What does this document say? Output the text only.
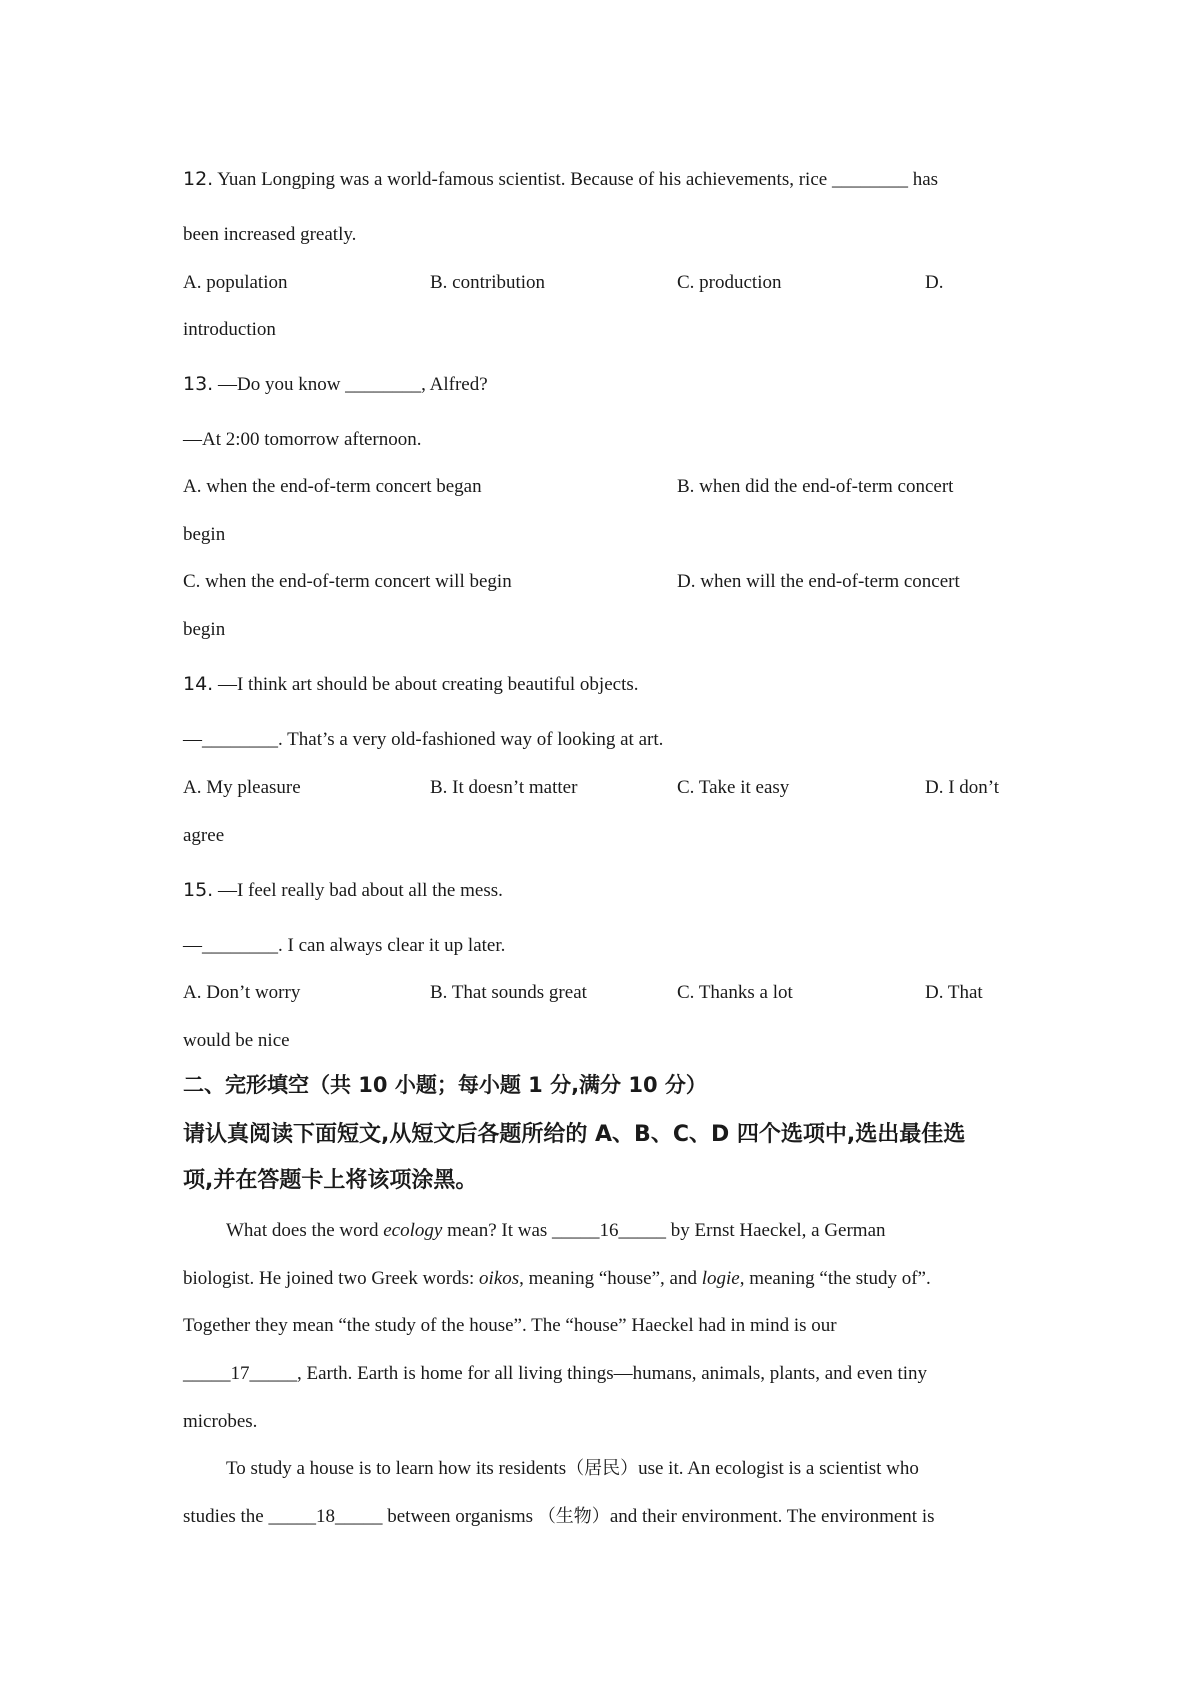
12. Yuan Longping was a world-famous scientist. Because of his achievements, rice ________ has
been increased greatly.
A. population	B. contribution	C. production	D.
introduction
13. —Do you know ________, Alfred?
—At 2:00 tomorrow afternoon.
A. when the end-of-term concert began	B. when did the end-of-term concert
begin
C. when the end-of-term concert will begin	D. when will the end-of-term concert
begin
14. —I think art should be about creating beautiful objects.
—________. That’s a very old-fashioned way of looking at art.
A. My pleasure	B. It doesn’t matter	C. Take it easy	D. I don’t
agree
15. —I feel really bad about all the mess.
—________. I can always clear it up later.
A. Don’t worry	B. That sounds great	C. Thanks a lot	D. That
would be nice
二、完形填空（共 10 小题；每小题 1 分,满分 10 分）
请认真阅读下面短文,从短文后各题所给的 A、B、C、D 四个选项中,选出最佳选
项,并在答题卡上将该项涂黑。
What does the word ecology mean? It was _____16_____ by Ernst Haeckel, a German
biologist. He joined two Greek words: oikos, meaning “house”, and logie, meaning “the study of”.
Together they mean “the study of the house”. The “house” Haeckel had in mind is our
_____17_____, Earth. Earth is home for all living things—humans, animals, plants, and even tiny
microbes.
To study a house is to learn how its residents（居民）use it. An ecologist is a scientist who
studies the _____18_____ between organisms （生物）and their environment. The environment is
